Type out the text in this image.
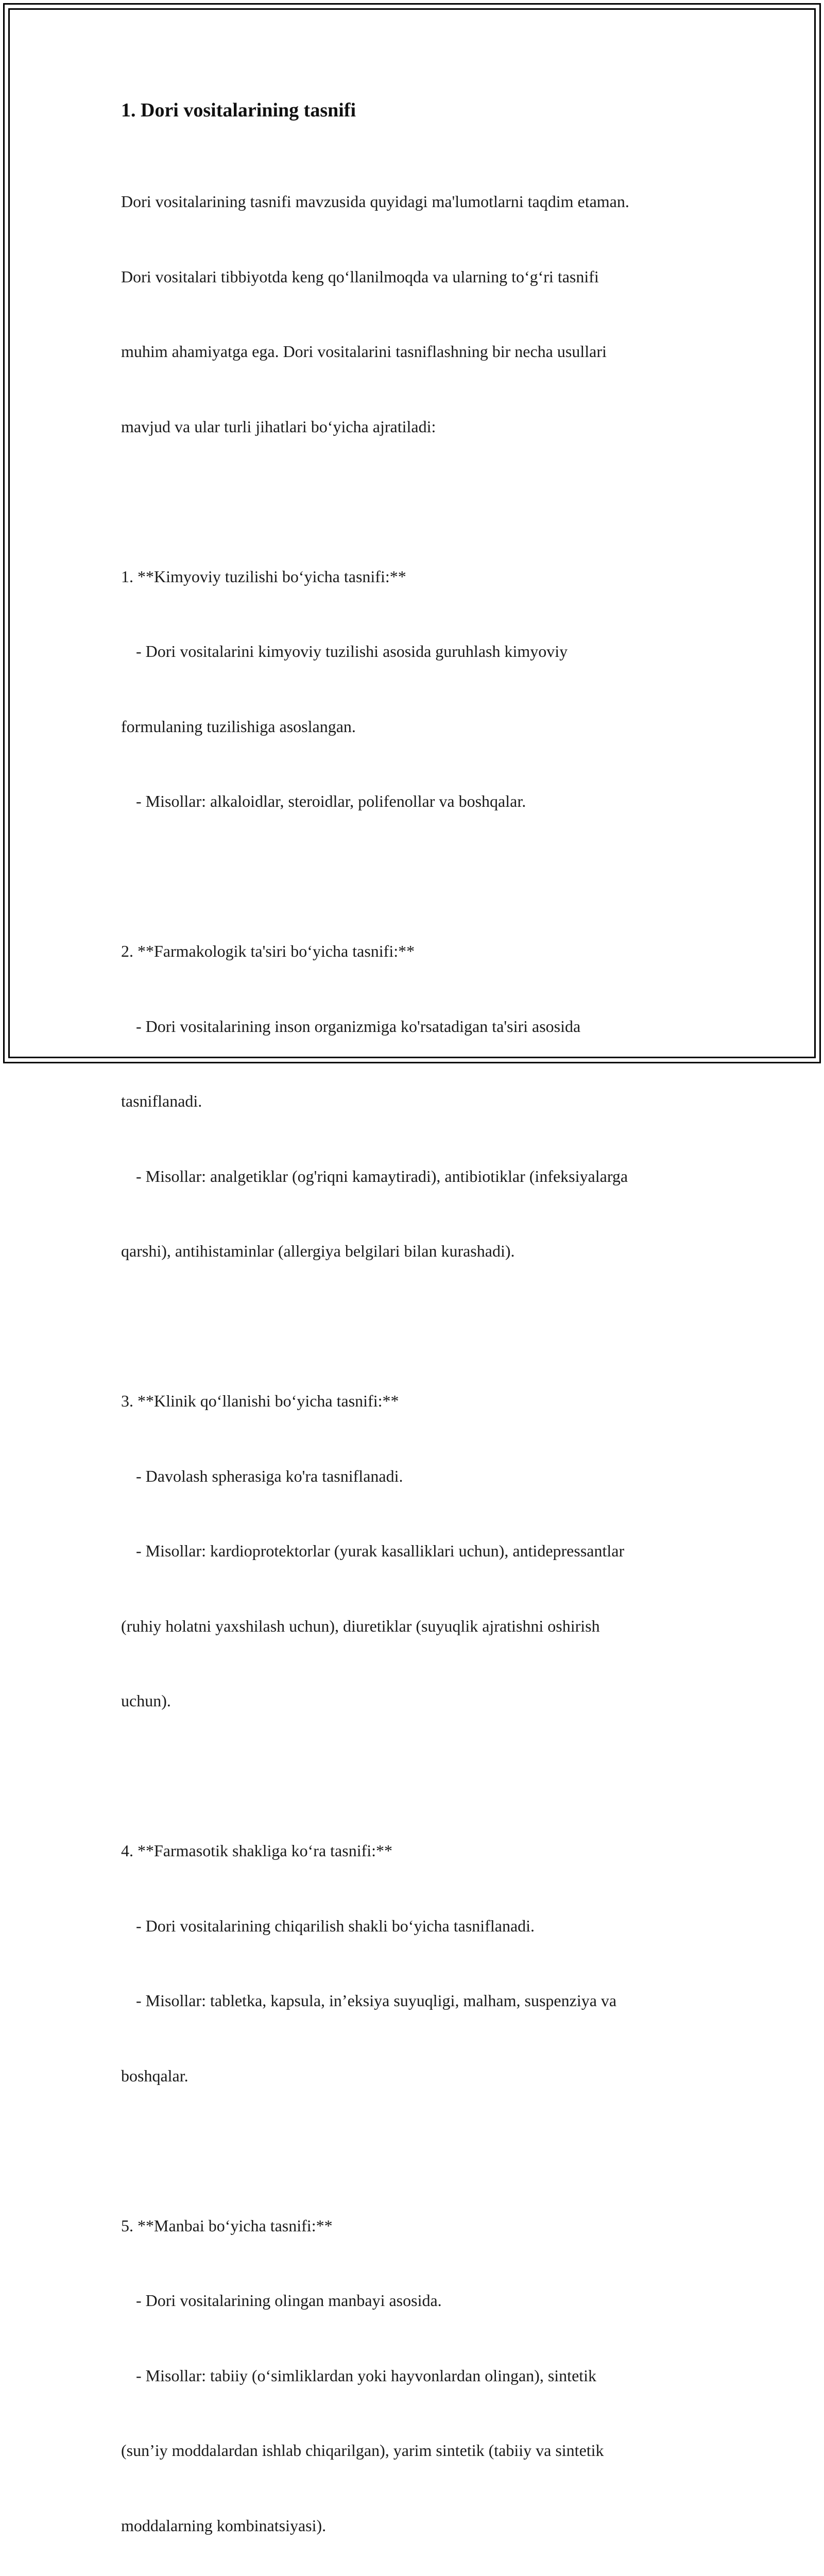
1. Dori vositalarining tasnifi

Dori vositalarining tasnifi mavzusida quyidagi ma'lumotlarni taqdim etaman.

Dori vositalari tibbiyotda keng qo‘llanilmoqda va ularning to‘g‘ri tasnifi

muhim ahamiyatga ega. Dori vositalarini tasniflashning bir necha usullari

mavjud va ular turli jihatlari bo‘yicha ajratiladi:

1. **Kimyoviy tuzilishi bo‘yicha tasnifi:**

- Dori vositalarini kimyoviy tuzilishi asosida guruhlash kimyoviy

formulaning tuzilishiga asoslangan.

- Misollar: alkaloidlar, steroidlar, polifenollar va boshqalar.

2. **Farmakologik ta'siri bo‘yicha tasnifi:**

- Dori vositalarining inson organizmiga ko'rsatadigan ta'siri asosida

tasniflanadi.

- Misollar: analgetiklar (og'riqni kamaytiradi), antibiotiklar (infeksiyalarga

qarshi), antihistaminlar (allergiya belgilari bilan kurashadi).

3. **Klinik qo‘llanishi bo‘yicha tasnifi:**

- Davolash spherasiga ko'ra tasniflanadi.

- Misollar: kardioprotektorlar (yurak kasalliklari uchun), antidepressantlar

(ruhiy holatni yaxshilash uchun), diuretiklar (suyuqlik ajratishni oshirish

uchun).

4. **Farmasotik shakliga ko‘ra tasnifi:**

- Dori vositalarining chiqarilish shakli bo‘yicha tasniflanadi.

- Misollar: tabletka, kapsula, in’eksiya suyuqligi, malham, suspenziya va

boshqalar.

5. **Manbai bo‘yicha tasnifi:**

- Dori vositalarining olingan manbayi asosida.

- Misollar: tabiiy (o‘simliklardan yoki hayvonlardan olingan), sintetik

(sun’iy moddalardan ishlab chiqarilgan), yarim sintetik (tabiiy va sintetik

moddalarning kombinatsiyasi).
